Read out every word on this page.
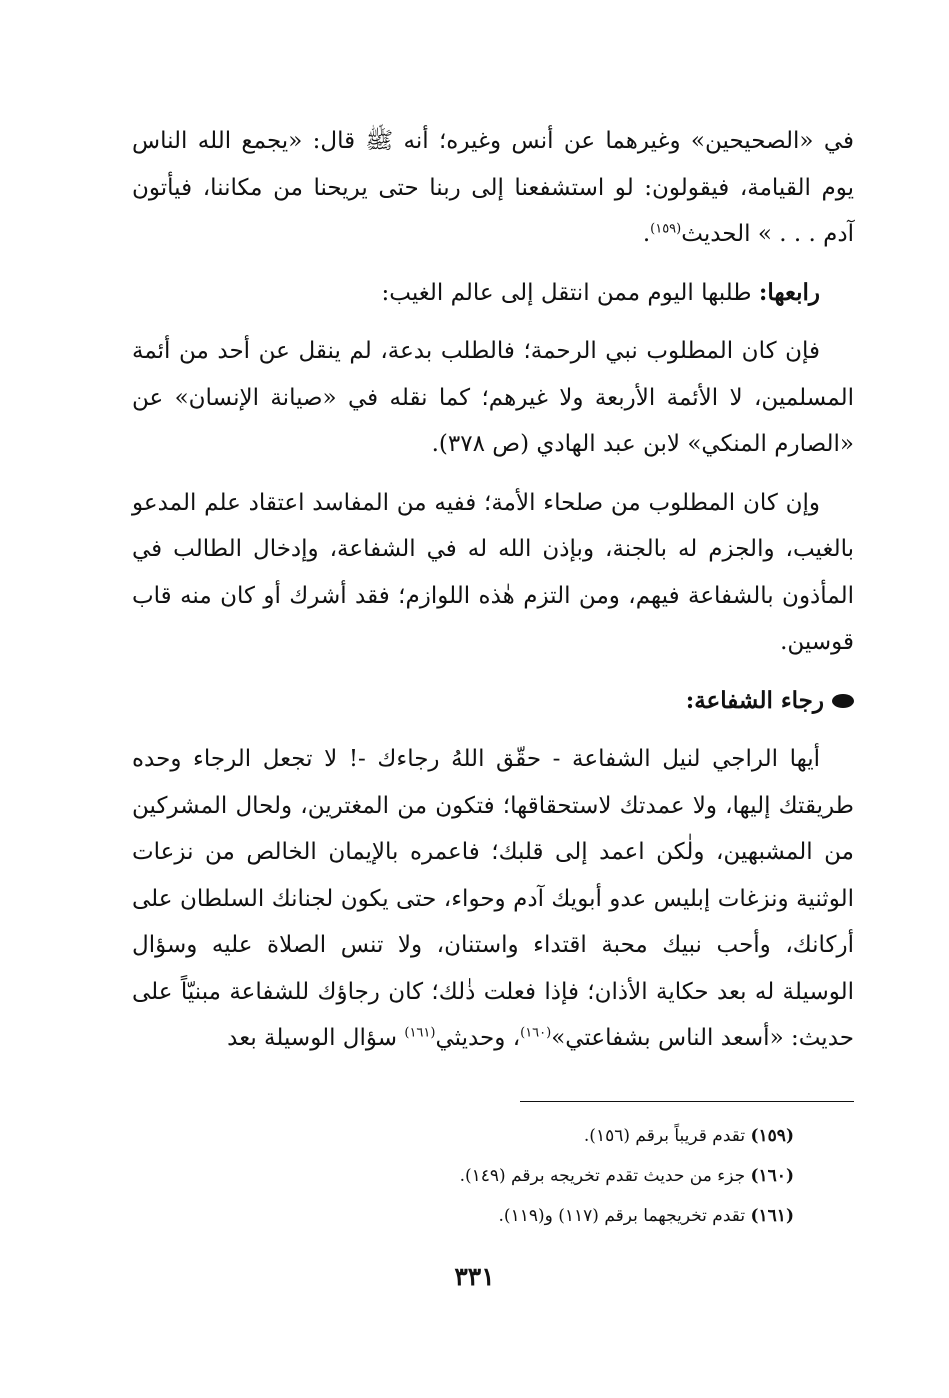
في «الصحيحين» وغيرهما عن أنس وغيره؛ أنه ﷺ قال: «يجمع الله الناس يوم القيامة، فيقولون: لو استشفعنا إلى ربنا حتى يريحنا من مكاننا، فيأتون آدم . . . » الحديث$^{(١٥٩)}$.

رابعها: طلبها اليوم ممن انتقل إلى عالم الغيب:

فإن كان المطلوب نبي الرحمة؛ فالطلب بدعة، لم ينقل عن أحد من أئمة المسلمين، لا الأئمة الأربعة ولا غيرهم؛ كما نقله في «صيانة الإنسان» عن «الصارم المنكي» لابن عبد الهادي (ص ٣٧٨).

وإن كان المطلوب من صلحاء الأمة؛ ففيه من المفاسد اعتقاد علم المدعو بالغيب، والجزم له بالجنة، وبإذن الله له في الشفاعة، وإدخال الطالب في المأذون بالشفاعة فيهم، ومن التزم هٰذه اللوازم؛ فقد أشرك أو كان منه قاب قوسين.

رجاء الشفاعة:

أيها الراجي لنيل الشفاعة - حقّق اللهُ رجاءك -! لا تجعل الرجاء وحده طريقتك إليها، ولا عمدتك لاستحقاقها؛ فتكون من المغترين، ولحال المشركين من المشبهين، ولٰكن اعمد إلى قلبك؛ فاعمره بالإيمان الخالص من نزعات الوثنية ونزغات إبليس عدو أبويك آدم وحواء، حتى يكون لجنانك السلطان على أركانك، وأحب نبيك محبة اقتداء واستنان، ولا تنس الصلاة عليه وسؤال الوسيلة له بعد حكاية الأذان؛ فإذا فعلت ذٰلك؛ كان رجاؤك للشفاعة مبنيّاً على حديث: «أسعد الناس بشفاعتي»$^{(١٦٠)}$، وحديثي$^{(١٦١)}$ سؤال الوسيلة بعد

(١٥٩) تقدم قريباً برقم (١٥٦).

(١٦٠) جزء من حديث تقدم تخريجه برقم (١٤٩).

(١٦١) تقدم تخريجهما برقم (١١٧) و(١١٩).

٣٣١
